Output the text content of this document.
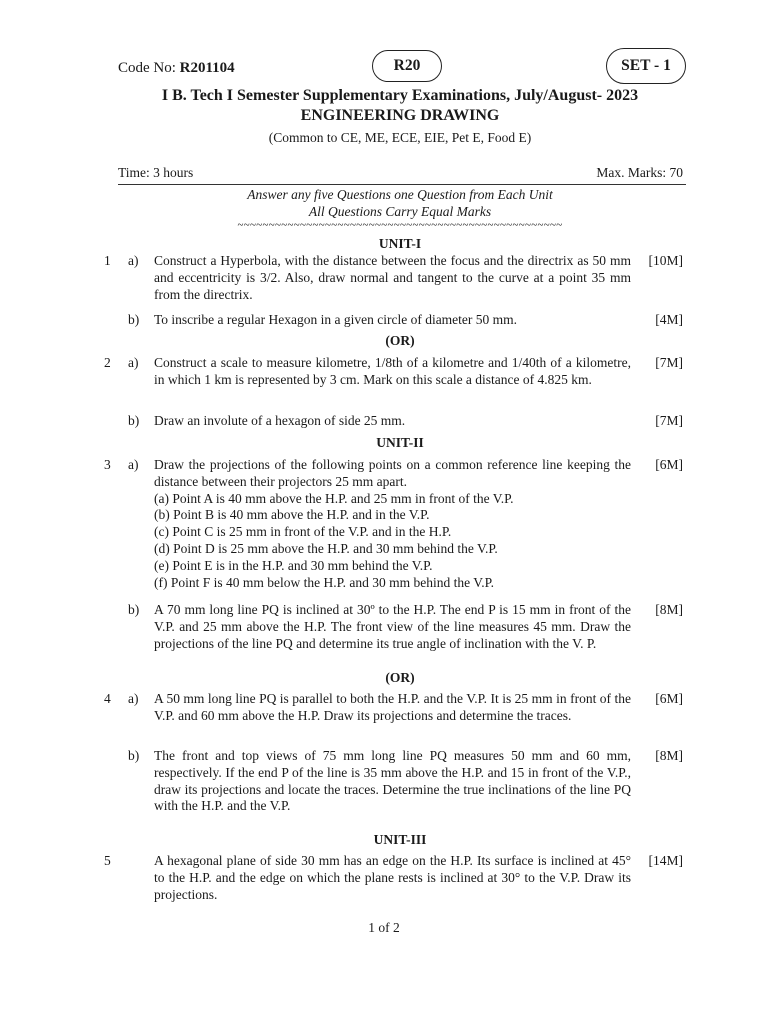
Code No: R201104	R20	SET - 1
I B. Tech I Semester Supplementary Examinations, July/August- 2023
ENGINEERING DRAWING
(Common to CE, ME, ECE, EIE, Pet E, Food E)
Time: 3 hours	Max. Marks: 70
Answer any five Questions one Question from Each Unit
All Questions Carry Equal Marks
~~~~~~~~~~~~~~~~~~~~~~~~~~~~~~~~~~~~~~~~~~~~~~~~~~~~
UNIT-I
1 a) Construct a Hyperbola, with the distance between the focus and the directrix as 50 mm and eccentricity is 3/2. Also, draw normal and tangent to the curve at a point 35 mm from the directrix.
[10M]
b) To inscribe a regular Hexagon in a given circle of diameter 50 mm.	[4M]
(OR)
2 a) Construct a scale to measure kilometre, 1/8th of a kilometre and 1/40th of a kilometre, in which 1 km is represented by 3 cm. Mark on this scale a distance of 4.825 km.
[7M]
b) Draw an involute of a hexagon of side 25 mm.	[7M]
UNIT-II
3 a) Draw the projections of the following points on a common reference line keeping the distance between their projectors 25 mm apart.
(a) Point A is 40 mm above the H.P. and 25 mm in front of the V.P.
(b) Point B is 40 mm above the H.P. and in the V.P.
(c) Point C is 25 mm in front of the V.P. and in the H.P.
(d) Point D is 25 mm above the H.P. and 30 mm behind the V.P.
(e) Point E is in the H.P. and 30 mm behind the V.P.
(f) Point F is 40 mm below the H.P. and 30 mm behind the V.P.
[6M]
b) A 70 mm long line PQ is inclined at 30º to the H.P. The end P is 15 mm in front of the V.P. and 25 mm above the H.P. The front view of the line measures 45 mm. Draw the projections of the line PQ and determine its true angle of inclination with the V. P.
[8M]
(OR)
4 a) A 50 mm long line PQ is parallel to both the H.P. and the V.P. It is 25 mm in front of the V.P. and 60 mm above the H.P. Draw its projections and determine the traces.
[6M]
b) The front and top views of 75 mm long line PQ measures 50 mm and 60 mm, respectively. If the end P of the line is 35 mm above the H.P. and 15 in front of the V.P., draw its projections and locate the traces. Determine the true inclinations of the line PQ with the H.P. and the V.P.
[8M]
UNIT-III
5	A hexagonal plane of side 30 mm has an edge on the H.P. Its surface is inclined at 45° to the H.P. and the edge on which the plane rests is inclined at 30° to the V.P. Draw its projections.
[14M]
1 of 2
